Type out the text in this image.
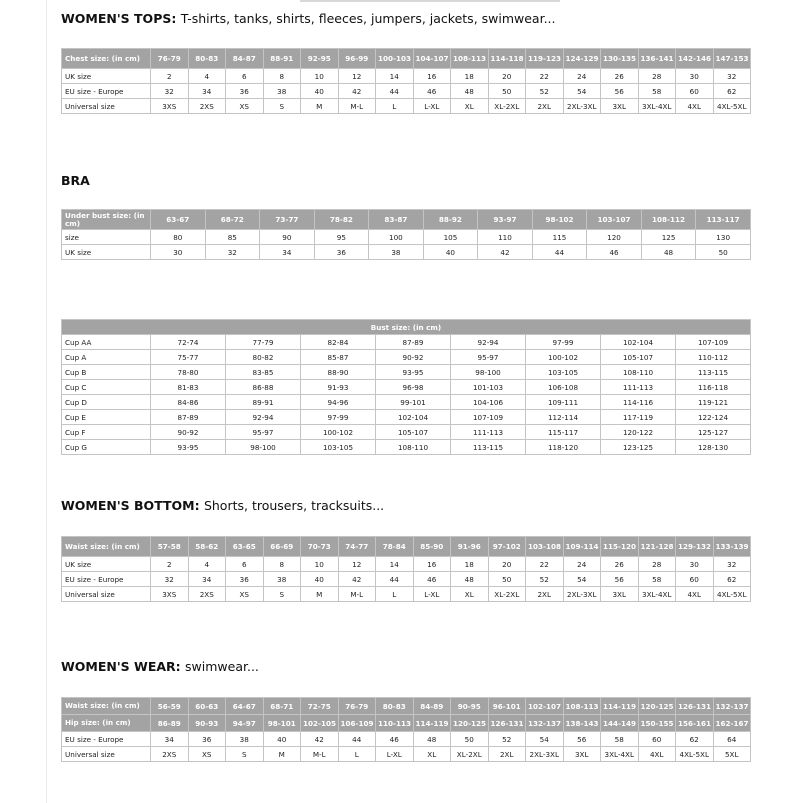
WOMEN'S TOPS: T-shirts, tanks, shirts, fleeces, jumpers, jackets, swimwear...
Chest size: (in cm)	76-79	80-83	84-87	88-91	92-95	96-99	100-103	104-107	108-113	114-118	119-123	124-129	130-135	136-141	142-146	147-153
UK size	2	4	6	8	10	12	14	16	18	20	22	24	26	28	30	32
EU size - Europe	32	34	36	38	40	42	44	46	48	50	52	54	56	58	60	62
Universal size	3XS	2XS	XS	S	M	M-L	L	L-XL	XL	XL-2XL	2XL	2XL-3XL	3XL	3XL-4XL	4XL	4XL-5XL
BRA
Under bust size: (in cm)	63-67	68-72	73-77	78-82	83-87	88-92	93-97	98-102	103-107	108-112	113-117
size	80	85	90	95	100	105	110	115	120	125	130
UK size	30	32	34	36	38	40	42	44	46	48	50
Bust size: (in cm)								
Cup AA	72-74	77-79	82-84	87-89	92-94	97-99	102-104	107-109
Cup A	75-77	80-82	85-87	90-92	95-97	100-102	105-107	110-112
Cup B	78-80	83-85	88-90	93-95	98-100	103-105	108-110	113-115
Cup C	81-83	86-88	91-93	96-98	101-103	106-108	111-113	116-118
Cup D	84-86	89-91	94-96	99-101	104-106	109-111	114-116	119-121
Cup E	87-89	92-94	97-99	102-104	107-109	112-114	117-119	122-124
Cup F	90-92	95-97	100-102	105-107	111-113	115-117	120-122	125-127
Cup G	93-95	98-100	103-105	108-110	113-115	118-120	123-125	128-130
WOMEN'S BOTTOM: Shorts, trousers, tracksuits...
Waist size: (in cm)	57-58	58-62	63-65	66-69	70-73	74-77	78-84	85-90	91-96	97-102	103-108	109-114	115-120	121-128	129-132	133-139
UK size	2	4	6	8	10	12	14	16	18	20	22	24	26	28	30	32
EU size - Europe	32	34	36	38	40	42	44	46	48	50	52	54	56	58	60	62
Universal size	3XS	2XS	XS	S	M	M-L	L	L-XL	XL	XL-2XL	2XL	2XL-3XL	3XL	3XL-4XL	4XL	4XL-5XL
WOMEN'S WEAR: swimwear...
Waist size: (in cm)	56-59	60-63	64-67	68-71	72-75	76-79	80-83	84-89	90-95	96-101	102-107	108-113	114-119	120-125	126-131	132-137
Hip size: (in cm)	86-89	90-93	94-97	98-101	102-105	106-109	110-113	114-119	120-125	126-131	132-137	138-143	144-149	150-155	156-161	162-167
EU size - Europe	34	36	38	40	42	44	46	48	50	52	54	56	58	60	62	64
Universal size	2XS	XS	S	M	M-L	L	L-XL	XL	XL-2XL	2XL	2XL-3XL	3XL	3XL-4XL	4XL	4XL-5XL	5XL
